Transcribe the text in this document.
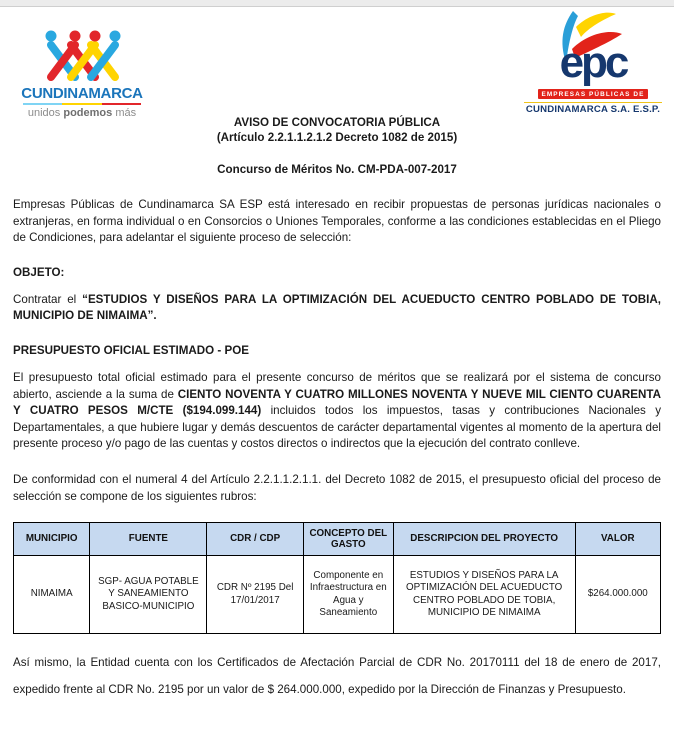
CUNDINAMARCA
unidos podemos más
epc
EMPRESAS PÚBLICAS DE
CUNDINAMARCA S.A. E.S.P.
AVISO DE CONVOCATORIA PÚBLICA
(Artículo 2.2.1.1.2.1.2 Decreto 1082 de 2015)
Concurso de Méritos No. CM-PDA-007-2017

Empresas Públicas de Cundinamarca SA ESP está interesado en recibir propuestas de personas jurídicas nacionales o extranjeras, en forma individual o en Consorcios o Uniones Temporales, conforme a las condiciones establecidas en el Pliego de Condiciones, para adelantar el siguiente proceso de selección:

OBJETO:

Contratar el “ESTUDIOS Y DISEÑOS PARA LA OPTIMIZACIÓN DEL ACUEDUCTO CENTRO POBLADO DE TOBIA, MUNICIPIO DE NIMAIMA”.

PRESUPUESTO OFICIAL ESTIMADO - POE

El presupuesto total oficial estimado para el presente concurso de méritos que se realizará por el sistema de concurso abierto, asciende a la suma de CIENTO NOVENTA Y CUATRO MILLONES NOVENTA Y NUEVE MIL CIENTO CUARENTA Y CUATRO PESOS M/CTE ($194.099.144) incluidos todos los impuestos, tasas y contribuciones Nacionales y Departamentales, a que hubiere lugar y demás descuentos de carácter departamental vigentes al momento de la apertura del presente proceso y/o pago de las cuentas y costos directos o indirectos que la ejecución del contrato conlleve.

De conformidad con el numeral 4 del Artículo 2.2.1.1.2.1.1. del Decreto 1082 de 2015, el presupuesto oficial del proceso de selección se compone de los siguientes rubros:

MUNICIPIO	FUENTE	CDR / CDP	CONCEPTO DEL GASTO	DESCRIPCION DEL PROYECTO	VALOR
NIMAIMA	SGP- AGUA POTABLE Y SANEAMIENTO BASICO-MUNICIPIO	CDR Nº 2195 Del 17/01/2017	Componente en Infraestructura en Agua y Saneamiento	ESTUDIOS Y DISEÑOS PARA LA OPTIMIZACIÓN DEL ACUEDUCTO CENTRO POBLADO DE TOBIA, MUNICIPIO DE NIMAIMA	$264.000.000

Así mismo, la Entidad cuenta con los Certificados de Afectación Parcial de CDR No. 20170111 del 18 de enero de 2017, expedido frente al CDR No. 2195 por un valor de $ 264.000.000, expedido por la Dirección de Finanzas y Presupuesto.
